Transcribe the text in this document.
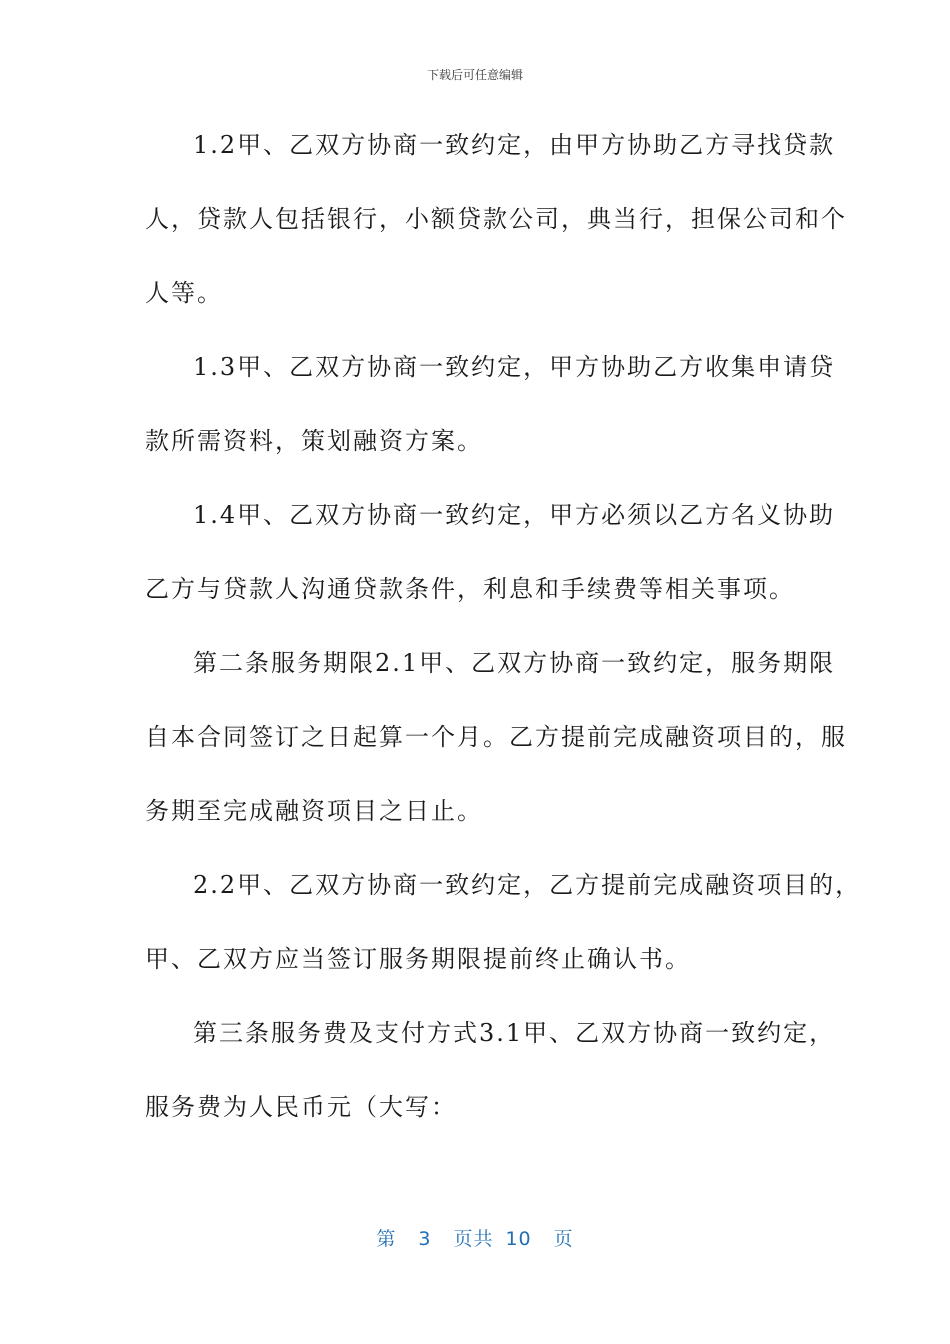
下载后可任意编辑
1.2甲、乙双方协商一致约定，由甲方协助乙方寻找贷款
人，贷款人包括银行，小额贷款公司，典当行，担保公司和个
人等。
1.3甲、乙双方协商一致约定，甲方协助乙方收集申请贷
款所需资料，策划融资方案。
1.4甲、乙双方协商一致约定，甲方必须以乙方名义协助
乙方与贷款人沟通贷款条件，利息和手续费等相关事项。
第二条服务期限2.1甲、乙双方协商一致约定，服务期限
自本合同签订之日起算一个月。乙方提前完成融资项目的，服
务期至完成融资项目之日止。
2.2甲、乙双方协商一致约定，乙方提前完成融资项目的，
甲、乙双方应当签订服务期限提前终止确认书。
第三条服务费及支付方式3.1甲、乙双方协商一致约定，
服务费为人民币元（大写：
第 3 页共 10 页
